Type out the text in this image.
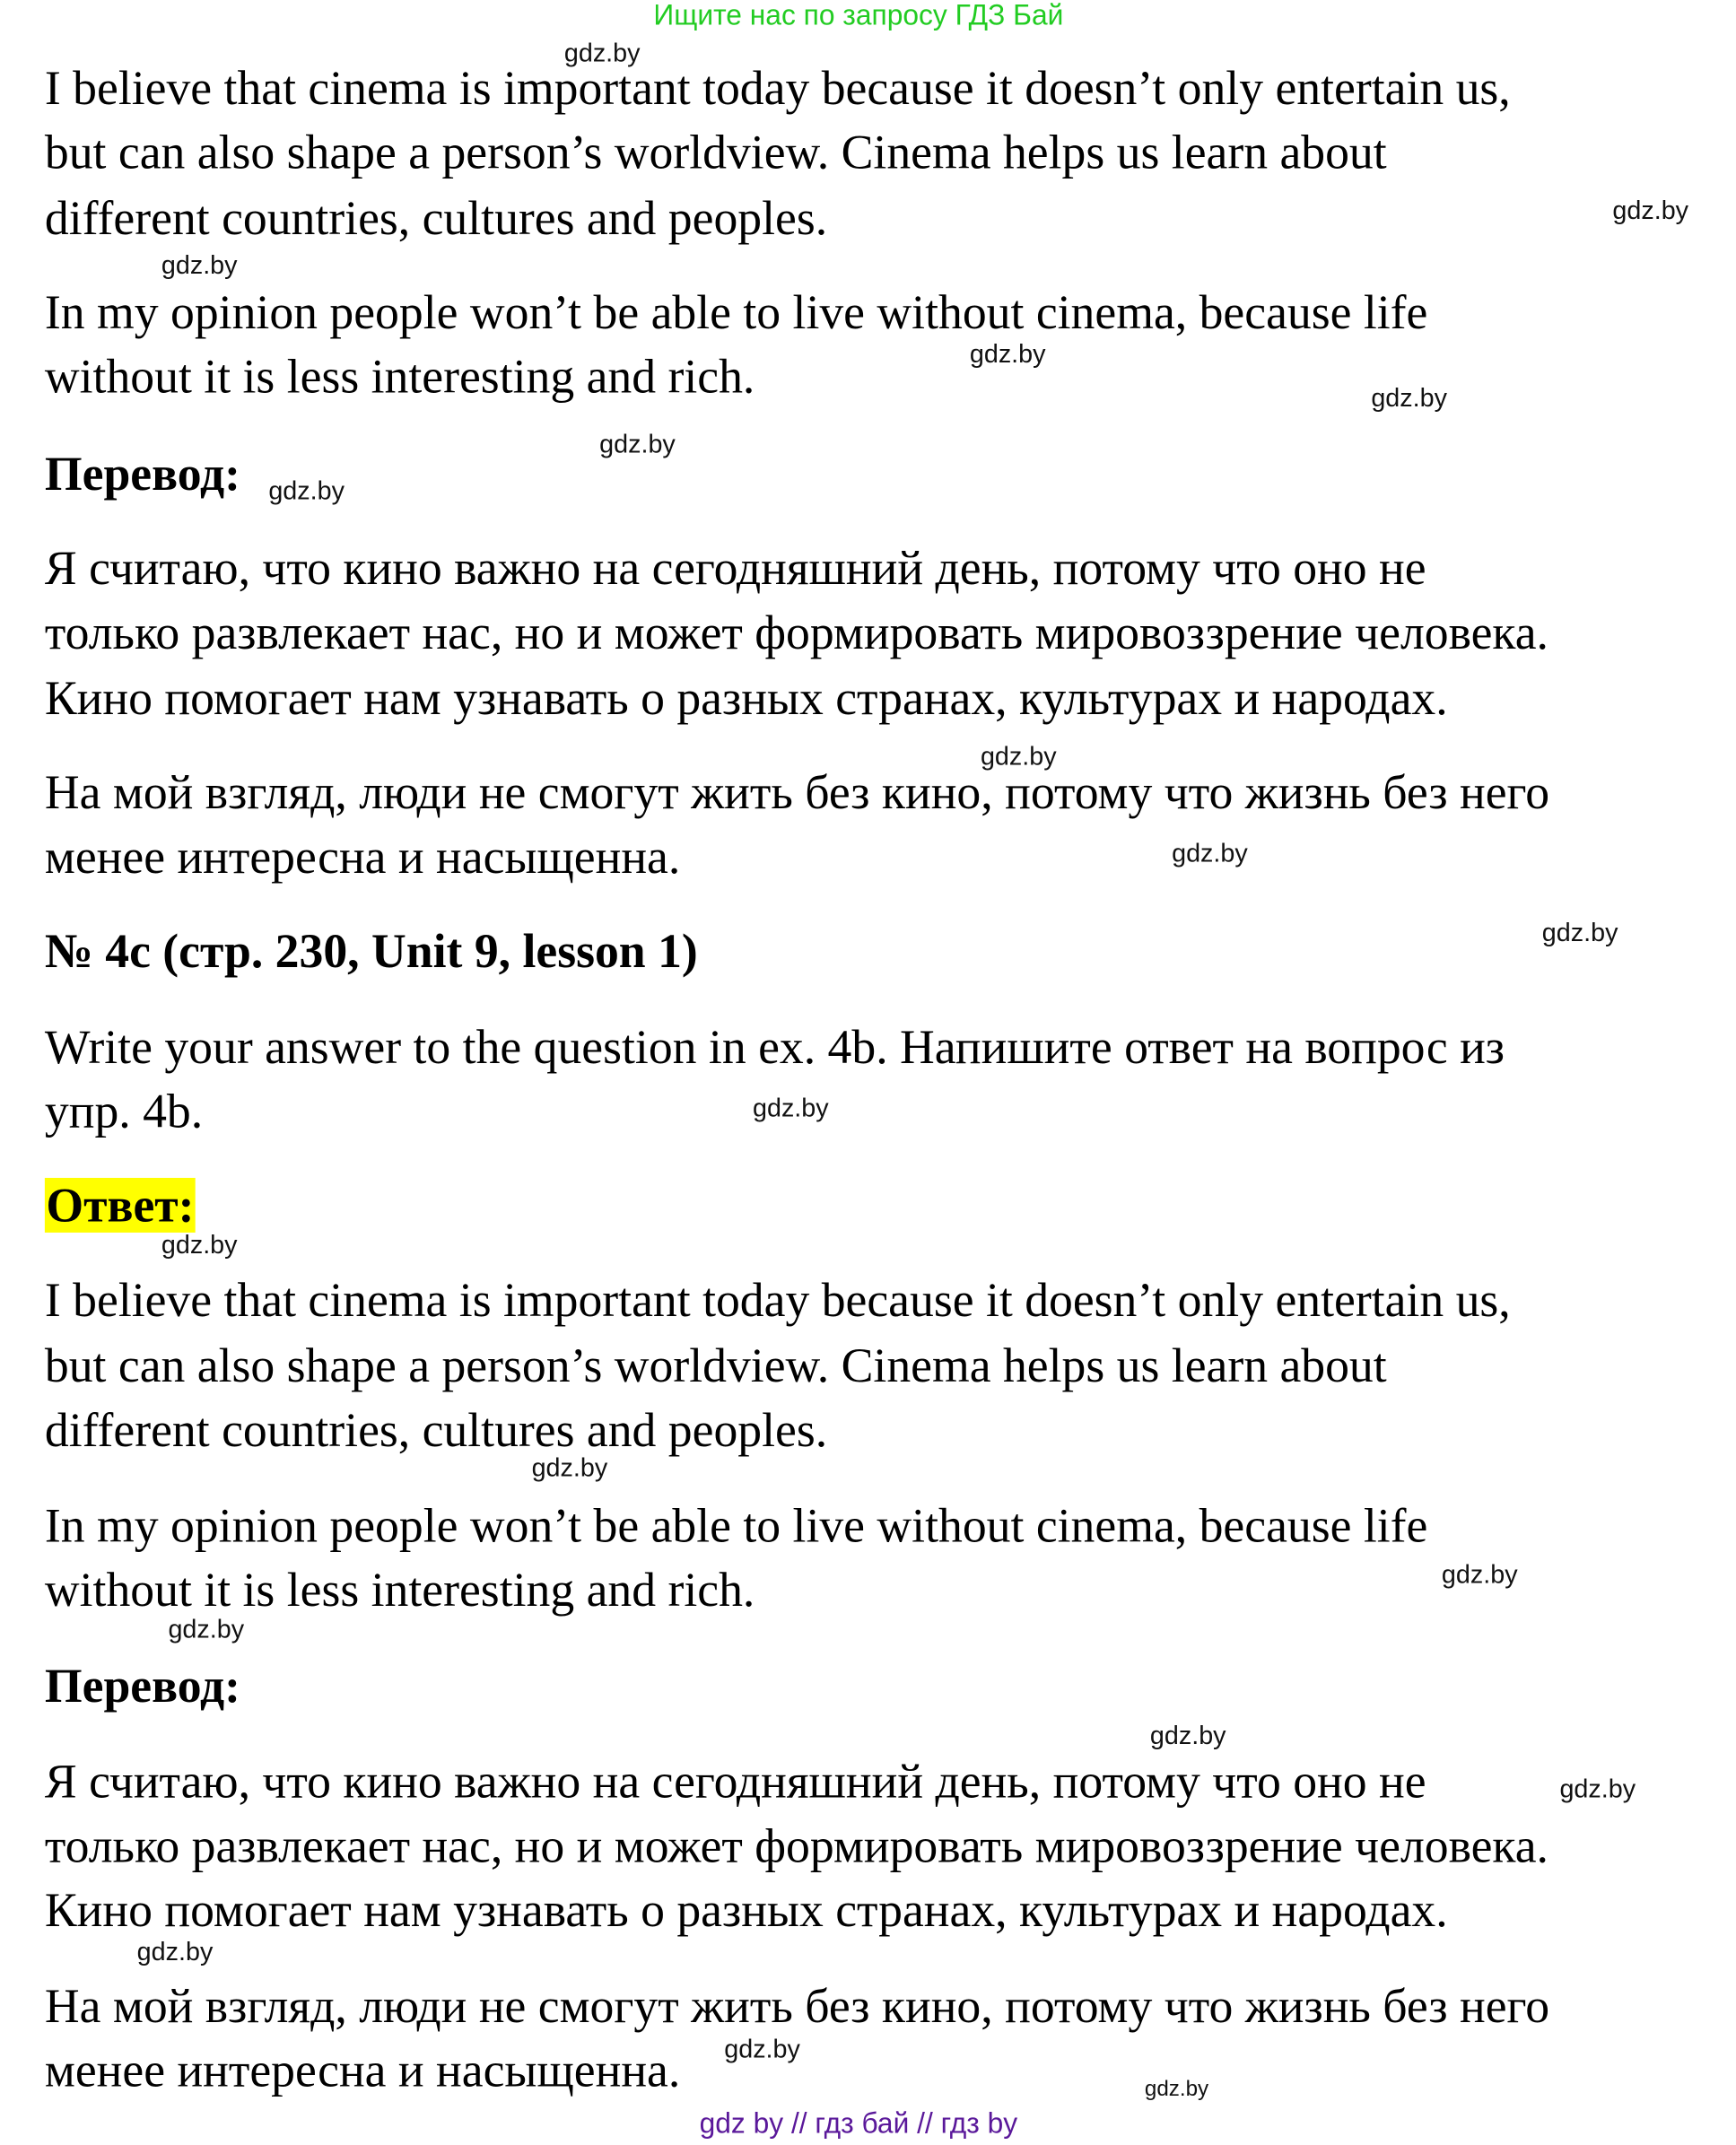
Ищите нас по запросу ГДЗ Бай
I believe that cinema is important today because it doesn’t only entertain us,
but can also shape a person’s worldview. Cinema helps us learn about
different countries, cultures and peoples.
In my opinion people won’t be able to live without cinema, because life
without it is less interesting and rich.
Перевод:
Я считаю, что кино важно на сегодняшний день, потому что оно не
только развлекает нас, но и может формировать мировоззрение человека.
Кино помогает нам узнавать о разных странах, культурах и народах.
На мой взгляд, люди не смогут жить без кино, потому что жизнь без него
менее интересна и насыщенна.
№ 4c (стр. 230, Unit 9, lesson 1)
Write your answer to the question in ex. 4b. Напишите ответ на вопрос из
упр. 4b.
Ответ:
I believe that cinema is important today because it doesn’t only entertain us,
but can also shape a person’s worldview. Cinema helps us learn about
different countries, cultures and peoples.
In my opinion people won’t be able to live without cinema, because life
without it is less interesting and rich.
Перевод:
Я считаю, что кино важно на сегодняшний день, потому что оно не
только развлекает нас, но и может формировать мировоззрение человека.
Кино помогает нам узнавать о разных странах, культурах и народах.
На мой взгляд, люди не смогут жить без кино, потому что жизнь без него
менее интересна и насыщенна.
gdz.by
gdz.by
gdz.by
gdz.by
gdz.by
gdz.by
gdz.by
gdz.by
gdz.by
gdz.by
gdz.by
gdz.by
gdz.by
gdz.by
gdz.by
gdz.by
gdz.by
gdz.by
gdz.by
gdz.by
gdz by // гдз бай // гдз by
